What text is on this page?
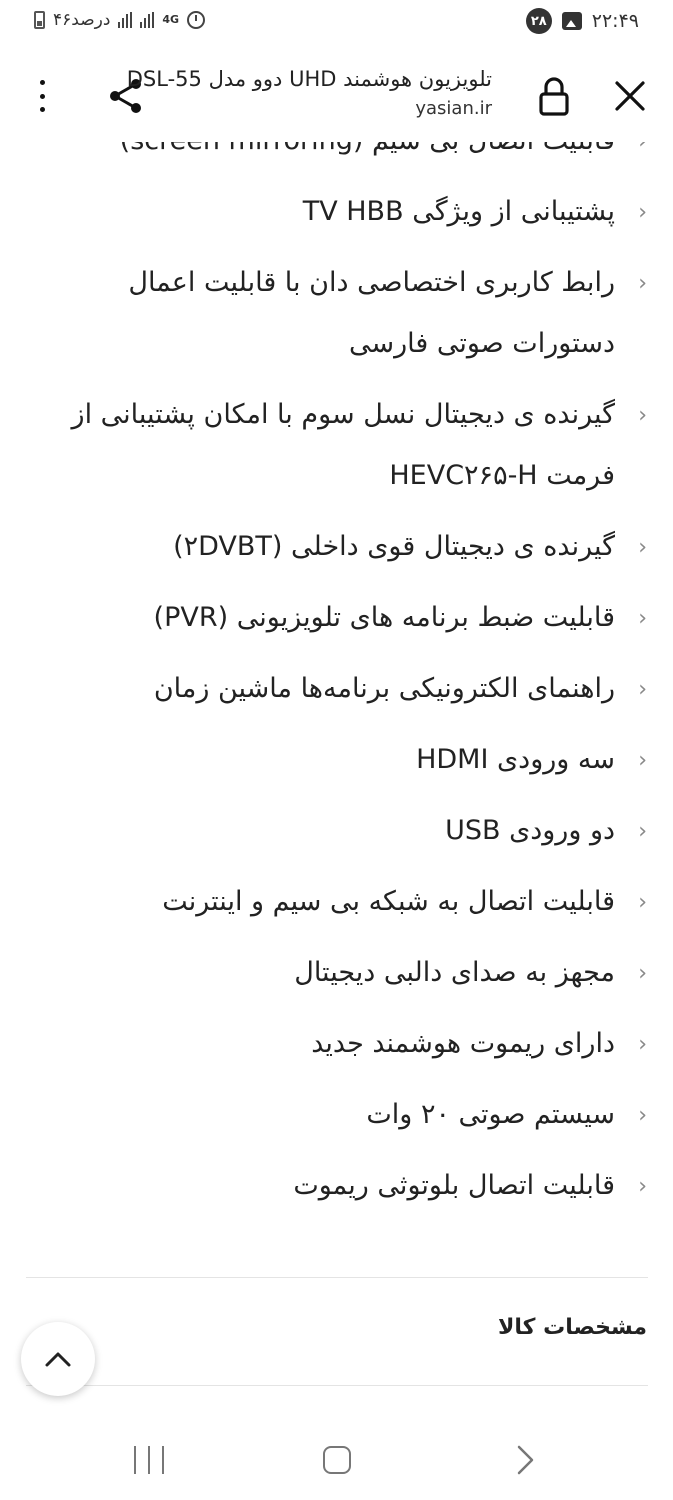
۴۶درصد	4G	۲۸ ۲۲:۴۹
تلویزیون هوشمند UHD دوو مدل DSL-55
yasian.ir
‹
پشتیبانی از ویژگی TV HBB
‹
رابط کاربری اختصاصی دان با قابلیت اعمال دستورات صوتی فارسی
‹
گیرنده ی دیجیتال نسل سوم با امکان پشتیبانی از فرمت HEVC۲۶۵-H
‹
گیرنده ی دیجیتال قوی داخلی (۲DVBT)
‹
قابلیت ضبط برنامه های تلویزیونی (PVR)
‹
راهنمای الکترونیکی برنامه‌ها ماشین زمان
‹
سه ورودی HDMI
‹
دو ورودی USB
‹
قابلیت اتصال به شبکه بی سیم و اینترنت
‹
مجهز به صدای دالبی دیجیتال
‹
دارای ریموت هوشمند جدید
‹
سیستم صوتی ۲۰ وات
‹
قابلیت اتصال بلوتوثی ریموت
مشخصات کالا
